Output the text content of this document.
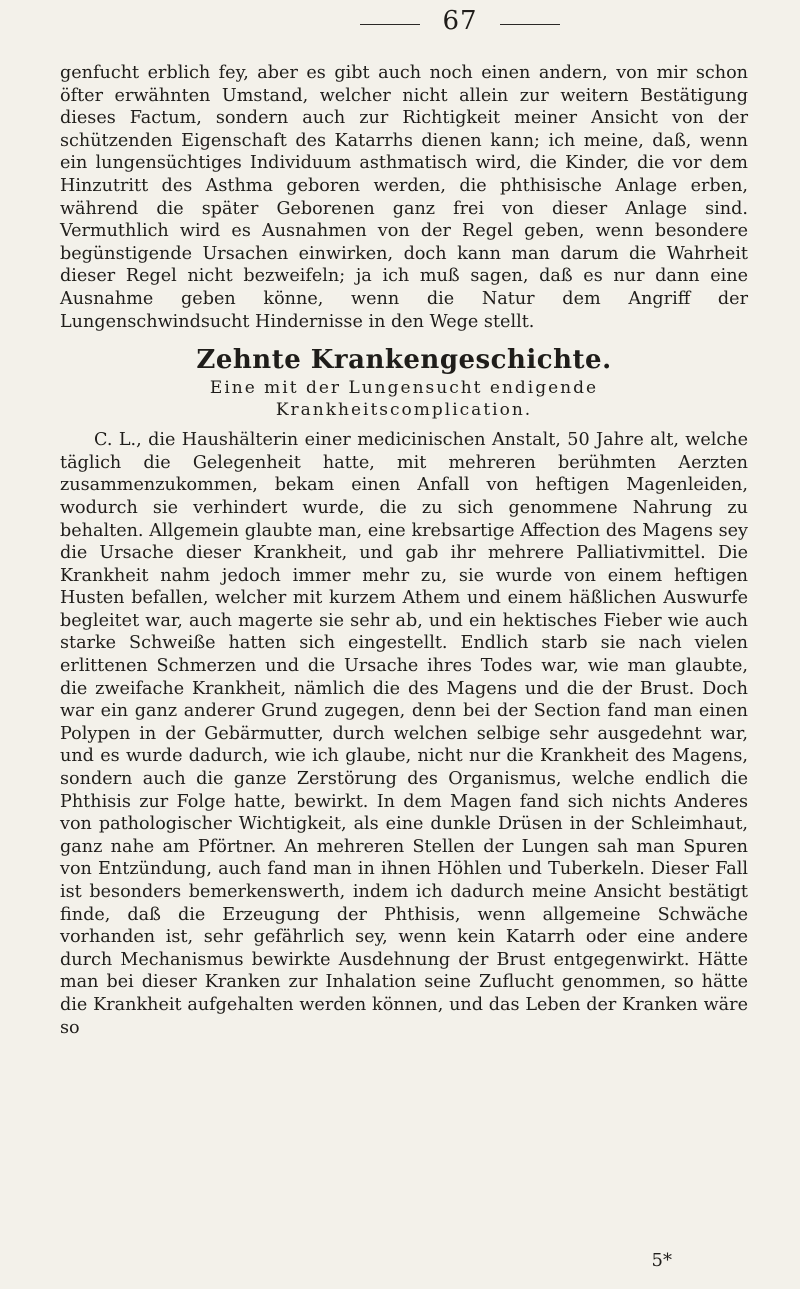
67

genfucht erblich fey, aber es gibt auch noch einen andern, von mir schon öfter erwähnten Umstand, welcher nicht allein zur weitern Bestätigung dieses Factum, sondern auch zur Richtigkeit meiner Ansicht von der schützenden Eigenschaft des Katarrhs dienen kann; ich meine, daß, wenn ein lungensüchtiges Individuum asthmatisch wird, die Kinder, die vor dem Hinzutritt des Asthma geboren werden, die phthisische Anlage erben, während die später Geborenen ganz frei von dieser Anlage sind. Vermuthlich wird es Ausnahmen von der Regel geben, wenn besondere begünstigende Ursachen einwirken, doch kann man darum die Wahrheit dieser Regel nicht bezweifeln; ja ich muß sagen, daß es nur dann eine Ausnahme geben könne, wenn die Natur dem Angriff der Lungenschwindsucht Hindernisse in den Wege stellt.

Zehnte Krankengeschichte.
Eine mit der Lungensucht endigende Krankheitscomplication.

C. L., die Haushälterin einer medicinischen Anstalt, 50 Jahre alt, welche täglich die Gelegenheit hatte, mit mehreren berühmten Aerzten zusammenzukommen, bekam einen Anfall von heftigen Magenleiden, wodurch sie verhindert wurde, die zu sich genommene Nahrung zu behalten. Allgemein glaubte man, eine krebsartige Affection des Magens sey die Ursache dieser Krankheit, und gab ihr mehrere Palliativmittel. Die Krankheit nahm jedoch immer mehr zu, sie wurde von einem heftigen Husten befallen, welcher mit kurzem Athem und einem häßlichen Auswurfe begleitet war, auch magerte sie sehr ab, und ein hektisches Fieber wie auch starke Schweiße hatten sich eingestellt. Endlich starb sie nach vielen erlittenen Schmerzen und die Ursache ihres Todes war, wie man glaubte, die zweifache Krankheit, nämlich die des Magens und die der Brust. Doch war ein ganz anderer Grund zugegen, denn bei der Section fand man einen Polypen in der Gebärmutter, durch welchen selbige sehr ausgedehnt war, und es wurde dadurch, wie ich glaube, nicht nur die Krankheit des Magens, sondern auch die ganze Zerstörung des Organismus, welche endlich die Phthisis zur Folge hatte, bewirkt. In dem Magen fand sich nichts Anderes von pathologischer Wichtigkeit, als eine dunkle Drüsen in der Schleimhaut, ganz nahe am Pförtner. An mehreren Stellen der Lungen sah man Spuren von Entzündung, auch fand man in ihnen Höhlen und Tuberkeln. Dieser Fall ist besonders bemerkenswerth, indem ich dadurch meine Ansicht bestätigt finde, daß die Erzeugung der Phthisis, wenn allgemeine Schwäche vorhanden ist, sehr gefährlich sey, wenn kein Katarrh oder eine andere durch Mechanismus bewirkte Ausdehnung der Brust entgegenwirkt. Hätte man bei dieser Kranken zur Inhalation seine Zuflucht genommen, so hätte die Krankheit aufgehalten werden können, und das Leben der Kranken wäre so

5*
